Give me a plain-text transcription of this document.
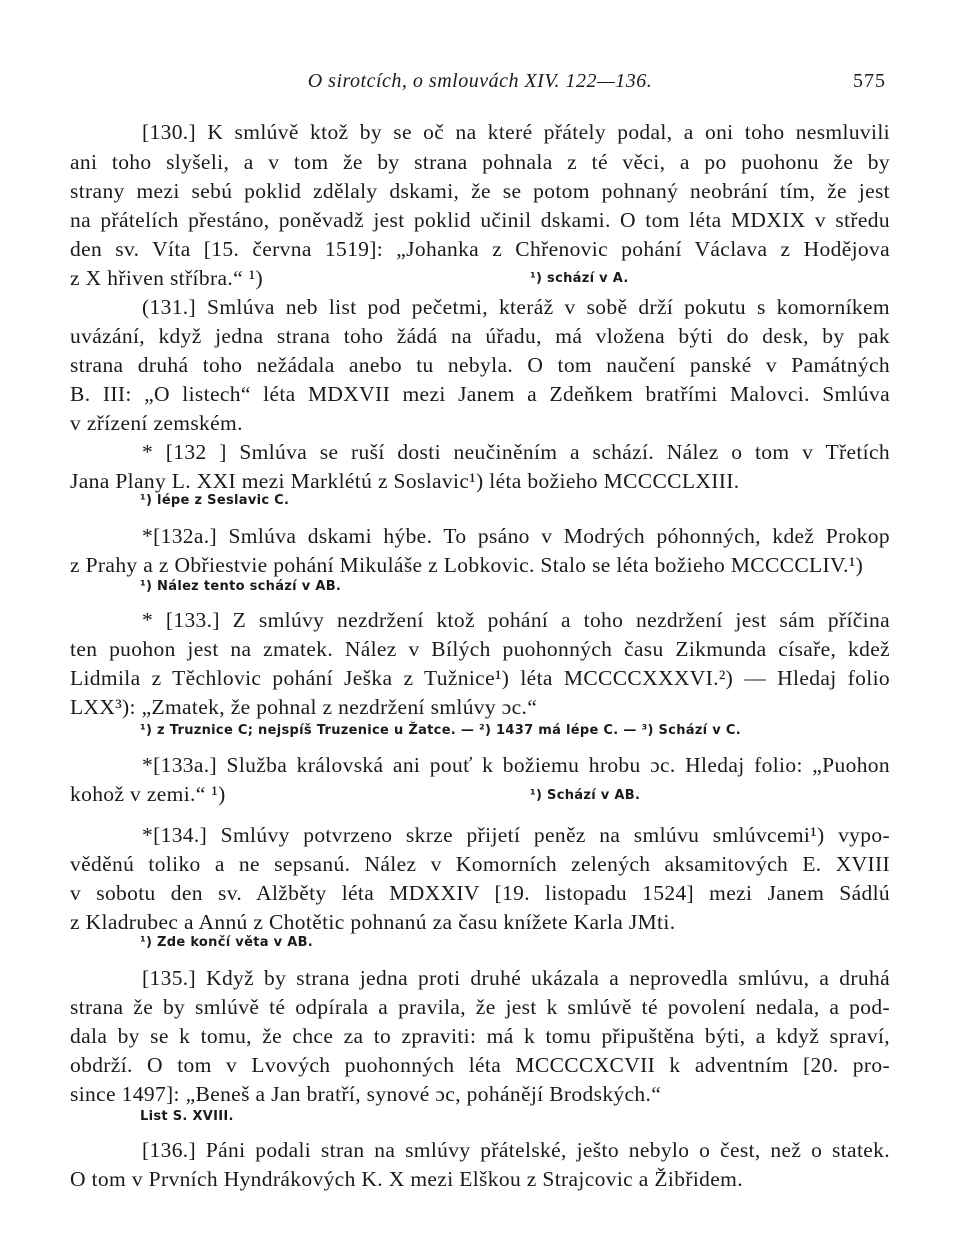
O sirotcích, o smlouvách XIV. 122—136.	575
[130.] K smlúvě ktož by se oč na které přátely podal, a oni toho nesmluvili
ani toho slyšeli, a v tom že by strana pohnala z té věci, a po puohonu že by
strany mezi sebú poklid zdělaly dskami, že se potom pohnaný neobrání tím, že jest
na přátelích přestáno, poněvadž jest poklid učinil dskami. O tom léta MDXIX v středu
den sv. Víta [15. června 1519]: „Johanka z Chřenovic pohání Václava z Hodějova
z X hřiven stříbra.“ ¹)	¹) schází v A.
(131.] Smlúva neb list pod pečetmi, kteráž v sobě drží pokutu s komorníkem
uvázání, když jedna strana toho žádá na úřadu, má vložena býti do desk, by pak
strana druhá toho nežádala anebo tu nebyla. O tom naučení panské v Památných
B. III: „O listech“ léta MDXVII mezi Janem a Zdeňkem bratřími Malovci. Smlúva
v zřízení zemském.
* [132 ] Smlúva se ruší dosti neučiněním a schází. Nález o tom v Třetích
Jana Plany L. XXI mezi Marklétú z Soslavic¹) léta božieho MCCCCLXIII.
¹) lépe z Seslavic C.
*[132a.] Smlúva dskami hýbe. To psáno v Modrých póhonných, kdež Prokop
z Prahy a z Obřiestvie pohání Mikuláše z Lobkovic. Stalo se léta božieho MCCCCLIV.¹)
¹) Nález tento schází v AB.
* [133.] Z smlúvy nezdržení ktož pohání a toho nezdržení jest sám příčina
ten puohon jest na zmatek. Nález v Bílých puohonných času Zikmunda císaře, kdež
Lidmila z Těchlovic pohání Ješka z Tužnice¹) léta MCCCCXXXVI.²) — Hledaj folio
LXX³): „Zmatek, že pohnal z nezdržení smlúvy ɔc.“
¹) z Truznice C; nejspíš Truzenice u Žatce. — ²) 1437 má lépe C. — ³) Schází v C.
*[133a.] Služba královská ani pouť k božiemu hrobu ɔc. Hledaj folio: „Puohon
kohož v zemi.“ ¹)	¹) Schází v AB.
*[134.] Smlúvy potvrzeno skrze přijetí peněz na smlúvu smlúvcemi¹) vypo-
věděnú toliko a ne sepsanú. Nález v Komorních zelených aksamitových E. XVIII
v sobotu den sv. Alžběty léta MDXXIV [19. listopadu 1524] mezi Janem Sádlú
z Kladrubec a Annú z Chotětic pohnanú za času knížete Karla JMti.
¹) Zde končí věta v AB.
[135.] Když by strana jedna proti druhé ukázala a neprovedla smlúvu, a druhá
strana že by smlúvě té odpírala a pravila, že jest k smlúvě té povolení nedala, a pod-
dala by se k tomu, že chce za to zpraviti: má k tomu připuštěna býti, a když spraví,
obdrží. O tom v Lvových puohonných léta MCCCCXCVII k adventním [20. pro-
since 1497]: „Beneš a Jan bratří, synové ɔc, pohánějí Brodských.“
List S. XVIII.
[136.] Páni podali stran na smlúvy přátelské, ješto nebylo o čest, než o statek.
O tom v Prvních Hyndrákových K. X mezi Elškou z Strajcovic a Žibřidem.
